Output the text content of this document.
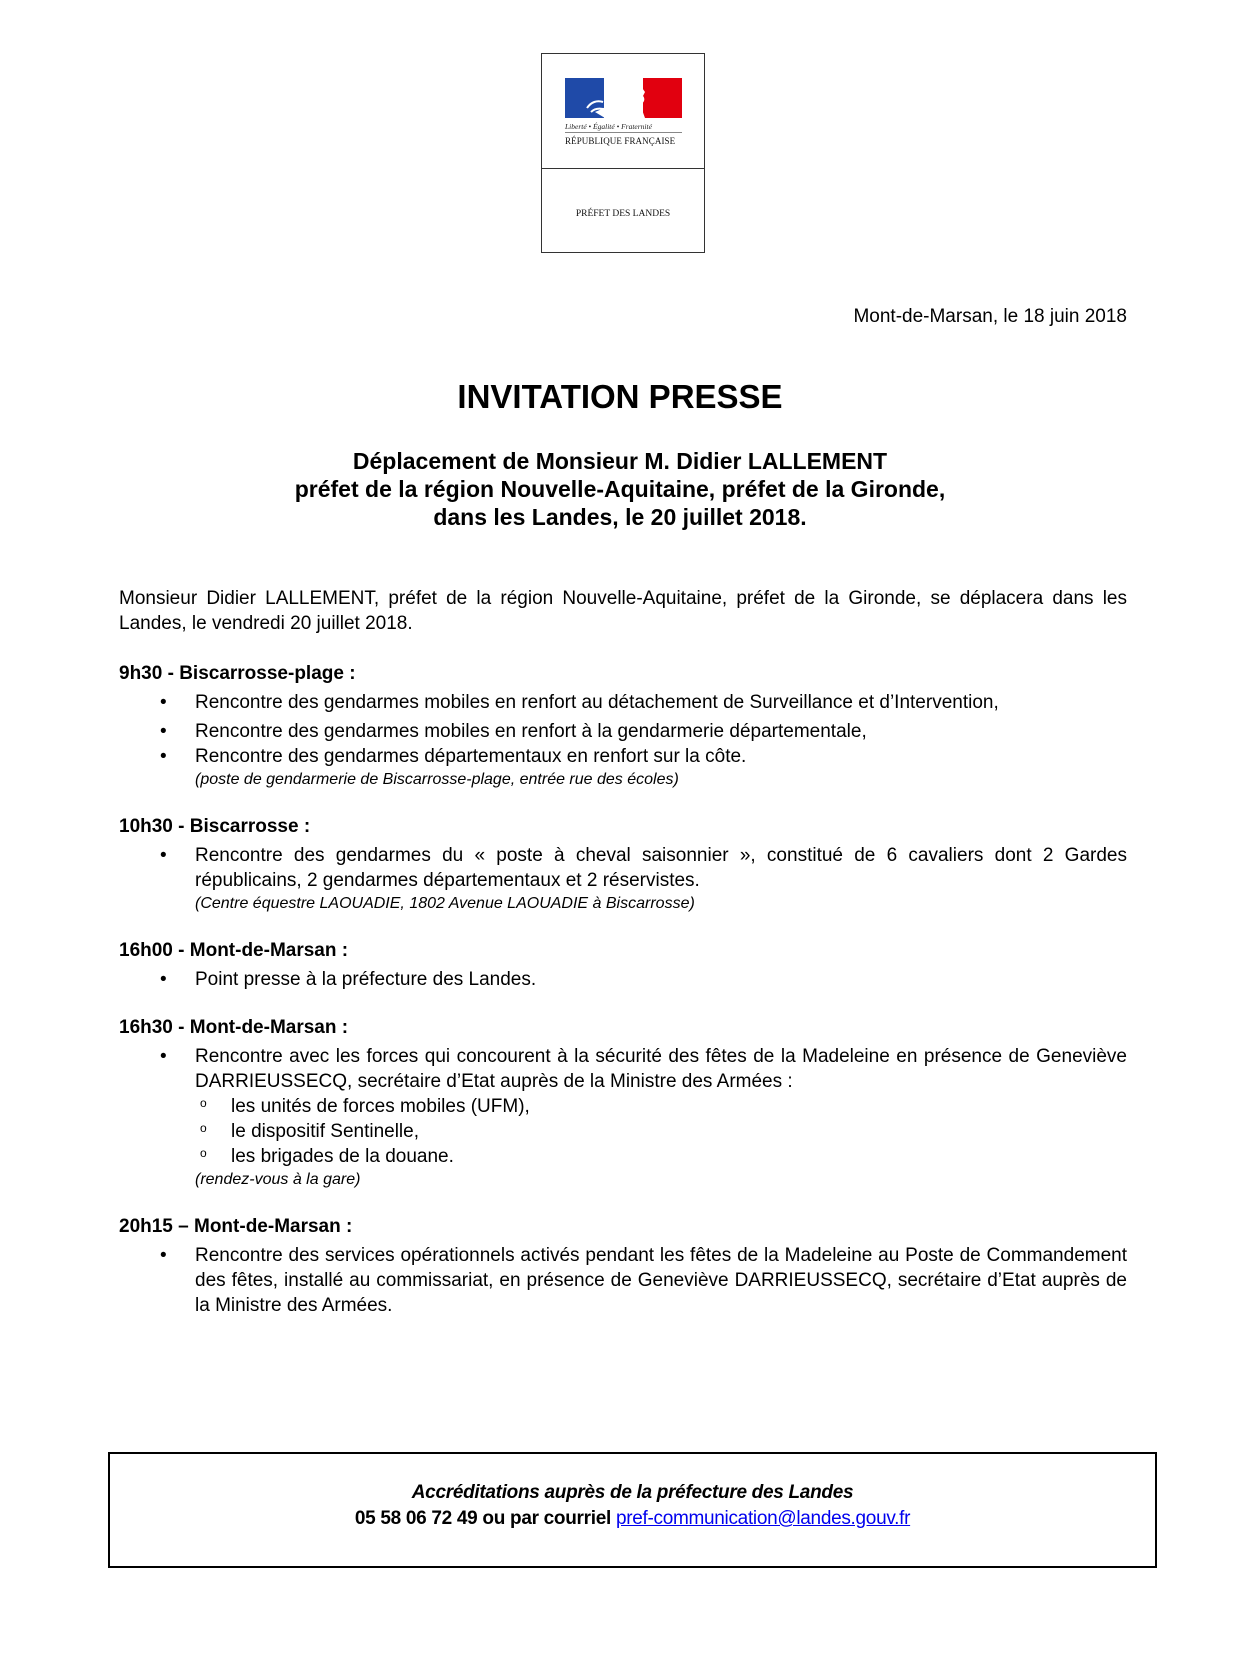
Liberté • Égalité • Fraternité
RÉPUBLIQUE FRANÇAISE
PRÉFET DES LANDES
Mont-de-Marsan, le 18 juin 2018
INVITATION PRESSE
Déplacement de Monsieur M. Didier LALLEMENT
préfet de la région Nouvelle-Aquitaine, préfet de la Gironde,
dans les Landes, le 20 juillet 2018.

Monsieur Didier LALLEMENT, préfet de la région Nouvelle-Aquitaine, préfet de la Gironde, se déplacera dans les Landes, le vendredi 20 juillet 2018.

9h30 - Biscarrosse-plage :
• Rencontre des gendarmes mobiles en renfort au détachement de Surveillance et d’Intervention,
• Rencontre des gendarmes mobiles en renfort à la gendarmerie départementale,
• Rencontre des gendarmes départementaux en renfort sur la côte.
(poste de gendarmerie de Biscarrosse-plage, entrée rue des écoles)
10h30 - Biscarrosse :
• Rencontre des gendarmes du « poste à cheval saisonnier », constitué de 6 cavaliers dont 2 Gardes républicains, 2 gendarmes départementaux et 2 réservistes.
(Centre équestre LAOUADIE, 1802 Avenue LAOUADIE à Biscarrosse)
16h00 - Mont-de-Marsan :
• Point presse à la préfecture des Landes.
16h30 - Mont-de-Marsan :
• Rencontre avec les forces qui concourent à la sécurité des fêtes de la Madeleine en présence de Geneviève DARRIEUSSECQ, secrétaire d’Etat auprès de la Ministre des Armées :
o les unités de forces mobiles (UFM),
o le dispositif Sentinelle,
o les brigades de la douane.
(rendez-vous à la gare)
20h15 – Mont-de-Marsan :
• Rencontre des services opérationnels activés pendant les fêtes de la Madeleine au Poste de Commandement des fêtes, installé au commissariat, en présence de Geneviève DARRIEUSSECQ, secrétaire d’Etat auprès de la Ministre des Armées.
Accréditations auprès de la préfecture des Landes
05 58 06 72 49 ou par courriel pref-communication@landes.gouv.fr
